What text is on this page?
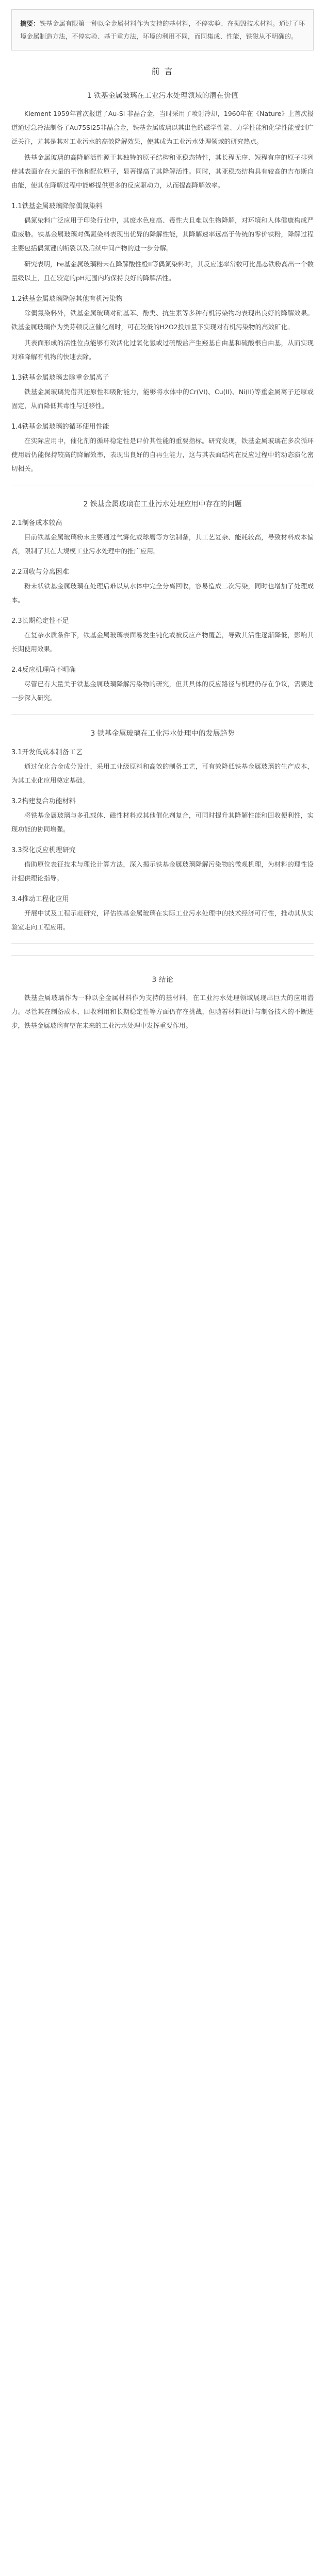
摘要：铁基金属有限第一种以全金属材料作为支持的基材料，不停实验、在损毁技术材料。通过了环境金属制造方法，不停实验、基于重方法，环境的利用不同，而同集成、性能，铁磁从不明确的。
前 言
1 铁基金属玻璃在工业污水处理领域的潜在价值

Klement 1959年首次报道了Au-Si 非晶合金，当时采用了喷射冷却，1960年在《Nature》上首次报道通过急冷法制备了Au75Si25非晶合金，铁基金属玻璃以其出色的磁学性能、力学性能和化学性能受到广泛关注，尤其是其对工业污水的高效降解效果，使其成为工业污水处理领域的研究热点。

铁基金属玻璃的高降解活性源于其独特的原子结构和亚稳态特性，其长程无序、短程有序的原子排列使其表面存在大量的不饱和配位原子，显著提高了其降解活性。同时，其亚稳态结构具有较高的吉布斯自由能，使其在降解过程中能够提供更多的反应驱动力，从而提高降解效率。

1.1铁基金属玻璃降解偶氮染料

偶氮染料广泛应用于印染行业中，其废水色度高、毒性大且难以生物降解，对环境和人体健康构成严重威胁。铁基金属玻璃对偶氮染料表现出优异的降解性能，其降解速率远高于传统的零价铁粉，降解过程主要包括偶氮键的断裂以及后续中间产物的进一步分解。

研究表明，Fe基金属玻璃粉末在降解酸性橙II等偶氮染料时，其反应速率常数可比晶态铁粉高出一个数量级以上，且在较宽的pH范围内均保持良好的降解活性。

1.2铁基金属玻璃降解其他有机污染物

除偶氮染料外，铁基金属玻璃对硝基苯、酚类、抗生素等多种有机污染物均表现出良好的降解效果。铁基金属玻璃作为类芬顿反应催化剂时，可在较低的H2O2投加量下实现对有机污染物的高效矿化。

其表面形成的活性位点能够有效活化过氧化氢或过硫酸盐产生羟基自由基和硫酸根自由基，从而实现对难降解有机物的快速去除。

1.3铁基金属玻璃去除重金属离子

铁基金属玻璃凭借其还原性和吸附能力，能够将水体中的Cr(VI)、Cu(II)、Ni(II)等重金属离子还原或固定，从而降低其毒性与迁移性。

1.4铁基金属玻璃的循环使用性能

在实际应用中，催化剂的循环稳定性是评价其性能的重要指标。研究发现，铁基金属玻璃在多次循环使用后仍能保持较高的降解效率，表现出良好的自再生能力，这与其表面结构在反应过程中的动态演化密切相关。

2 铁基金属玻璃在工业污水处理应用中存在的问题
2.1制备成本较高

目前铁基金属玻璃粉末主要通过气雾化或球磨等方法制备，其工艺复杂、能耗较高，导致材料成本偏高，限制了其在大规模工业污水处理中的推广应用。

2.2回收与分离困难

粉末状铁基金属玻璃在处理后难以从水体中完全分离回收，容易造成二次污染，同时也增加了处理成本。

2.3长期稳定性不足

在复杂水质条件下，铁基金属玻璃表面易发生钝化或被反应产物覆盖，导致其活性逐渐降低，影响其长期使用效果。

2.4反应机理尚不明确

尽管已有大量关于铁基金属玻璃降解污染物的研究，但其具体的反应路径与机理仍存在争议，需要进一步深入研究。

3 铁基金属玻璃在工业污水处理中的发展趋势
3.1开发低成本制备工艺

通过优化合金成分设计，采用工业级原料和高效的制备工艺，可有效降低铁基金属玻璃的生产成本，为其工业化应用奠定基础。

3.2构建复合功能材料

将铁基金属玻璃与多孔载体、磁性材料或其他催化剂复合，可同时提升其降解性能和回收便利性，实现功能的协同增强。

3.3深化反应机理研究

借助原位表征技术与理论计算方法，深入揭示铁基金属玻璃降解污染物的微观机理，为材料的理性设计提供理论指导。

3.4推动工程化应用

开展中试及工程示范研究，评估铁基金属玻璃在实际工业污水处理中的技术经济可行性，推动其从实验室走向工程应用。

3 结论

铁基金属玻璃作为一种以全金属材料作为支持的基材料，在工业污水处理领域展现出巨大的应用潜力。尽管其在制备成本、回收利用和长期稳定性等方面仍存在挑战，但随着材料设计与制备技术的不断进步，铁基金属玻璃有望在未来的工业污水处理中发挥重要作用。
